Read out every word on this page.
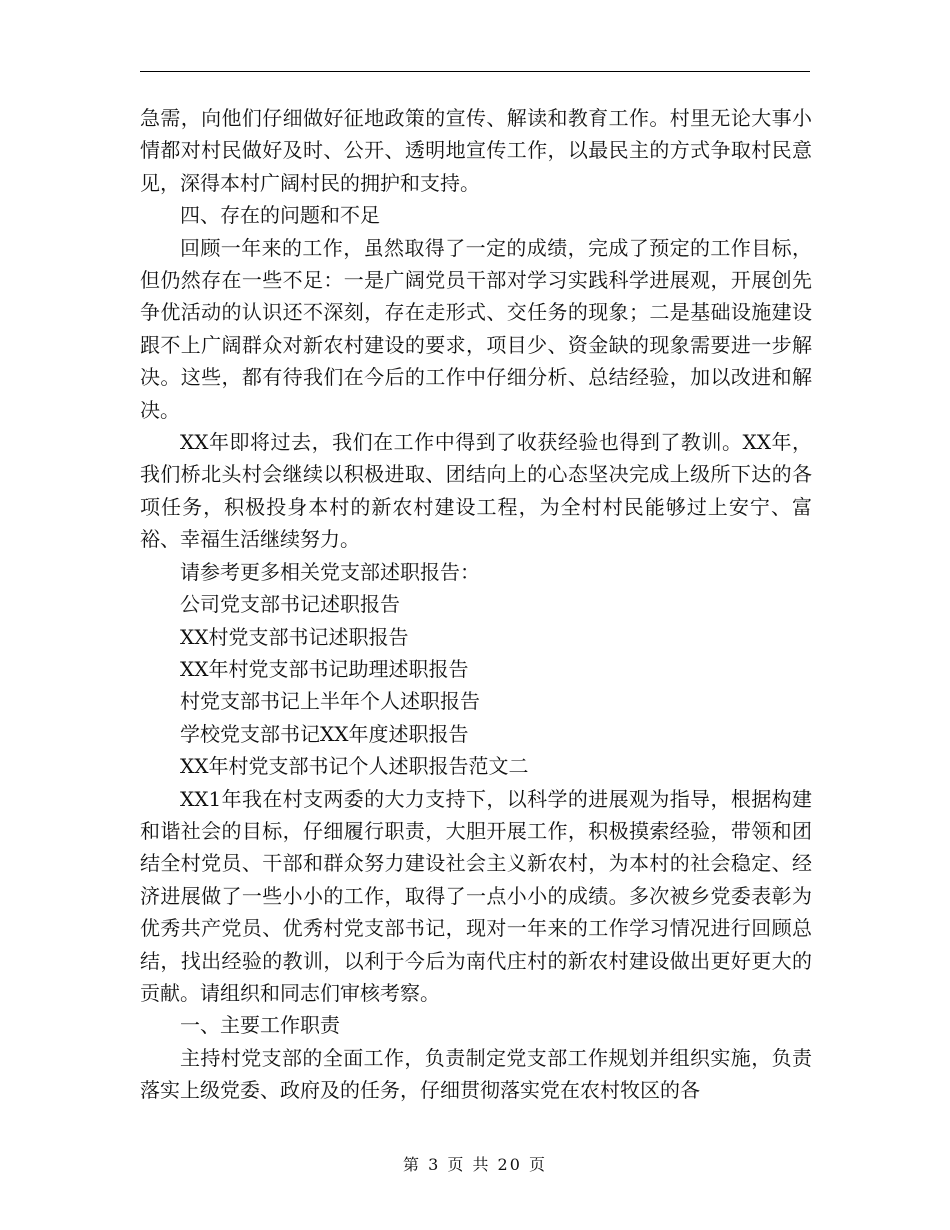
急需，向他们仔细做好征地政策的宣传、解读和教育工作。村里无论大事小情都对村民做好及时、公开、透明地宣传工作，以最民主的方式争取村民意见，深得本村广阔村民的拥护和支持。

四、存在的问题和不足

回顾一年来的工作，虽然取得了一定的成绩，完成了预定的工作目标，但仍然存在一些不足：一是广阔党员干部对学习实践科学进展观，开展创先争优活动的认识还不深刻，存在走形式、交任务的现象；二是基础设施建设跟不上广阔群众对新农村建设的要求，项目少、资金缺的现象需要进一步解决。这些，都有待我们在今后的工作中仔细分析、总结经验，加以改进和解决。

XX年即将过去，我们在工作中得到了收获经验也得到了教训。XX年，我们桥北头村会继续以积极进取、团结向上的心态坚决完成上级所下达的各项任务，积极投身本村的新农村建设工程，为全村村民能够过上安宁、富裕、幸福生活继续努力。

请参考更多相关党支部述职报告：

公司党支部书记述职报告

XX村党支部书记述职报告

XX年村党支部书记助理述职报告

村党支部书记上半年个人述职报告

学校党支部书记XX年度述职报告

XX年村党支部书记个人述职报告范文二

XX1年我在村支两委的大力支持下，以科学的进展观为指导，根据构建和谐社会的目标，仔细履行职责，大胆开展工作，积极摸索经验，带领和团结全村党员、干部和群众努力建设社会主义新农村，为本村的社会稳定、经济进展做了一些小小的工作，取得了一点小小的成绩。多次被乡党委表彰为优秀共产党员、优秀村党支部书记，现对一年来的工作学习情况进行回顾总结，找出经验的教训，以利于今后为南代庄村的新农村建设做出更好更大的贡献。请组织和同志们审核考察。

一、主要工作职责

主持村党支部的全面工作，负责制定党支部工作规划并组织实施，负责落实上级党委、政府及的任务，仔细贯彻落实党在农村牧区的各

第 3 页 共 20 页
